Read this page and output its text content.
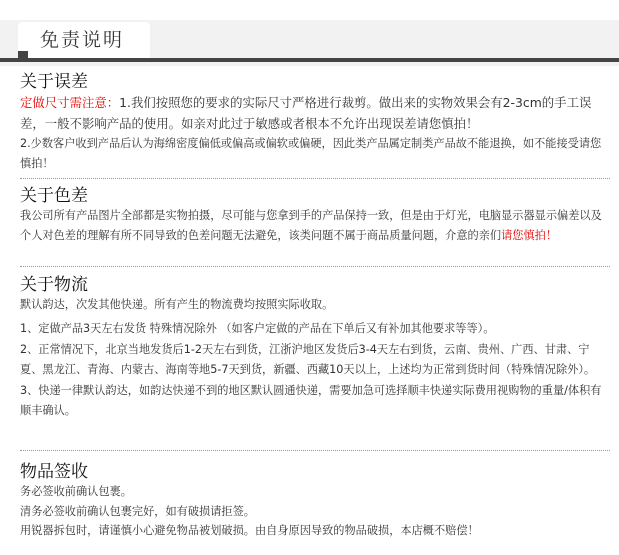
免责说明
关于误差

定做尺寸需注意：1.我们按照您的要求的实际尺寸严格进行裁剪。做出来的实物效果会有2-3cm的手工误差，一般不影响产品的使用。如亲对此过于敏感或者根本不允许出现误差请您慎拍！

2.少数客户收到产品后认为海绵密度偏低或偏高或偏软或偏硬，因此类产品属定制类产品故不能退换，如不能接受请您慎拍！

关于色差

我公司所有产品图片全部都是实物拍摄，尽可能与您拿到手的产品保持一致，但是由于灯光，电脑显示器显示偏差以及个人对色差的理解有所不同导致的色差问题无法避免，该类问题不属于商品质量问题，介意的亲们请您慎拍！

关于物流

默认韵达，次发其他快递。所有产生的物流费均按照实际收取。

1、定做产品3天左右发货 特殊情况除外 （如客户定做的产品在下单后又有补加其他要求等等）。

2、正常情况下，北京当地发货后1-2天左右到货，江浙沪地区发货后3-4天左右到货，云南、贵州、广西、甘肃、宁夏、黑龙江、青海、内蒙古、海南等地5-7天到货，新疆、西藏10天以上，上述均为正常到货时间（特殊情况除外）。

3、快递一律默认韵达，如韵达快递不到的地区默认圆通快递，需要加急可选择顺丰快递实际费用视购物的重量/体积有顺丰确认。

物品签收

务必签收前确认包裹。

清务必签收前确认包裹完好，如有破损请拒签。

用锐器拆包时，请谨慎小心避免物品被划破损。由自身原因导致的物品破损，本店概不赔偿！
